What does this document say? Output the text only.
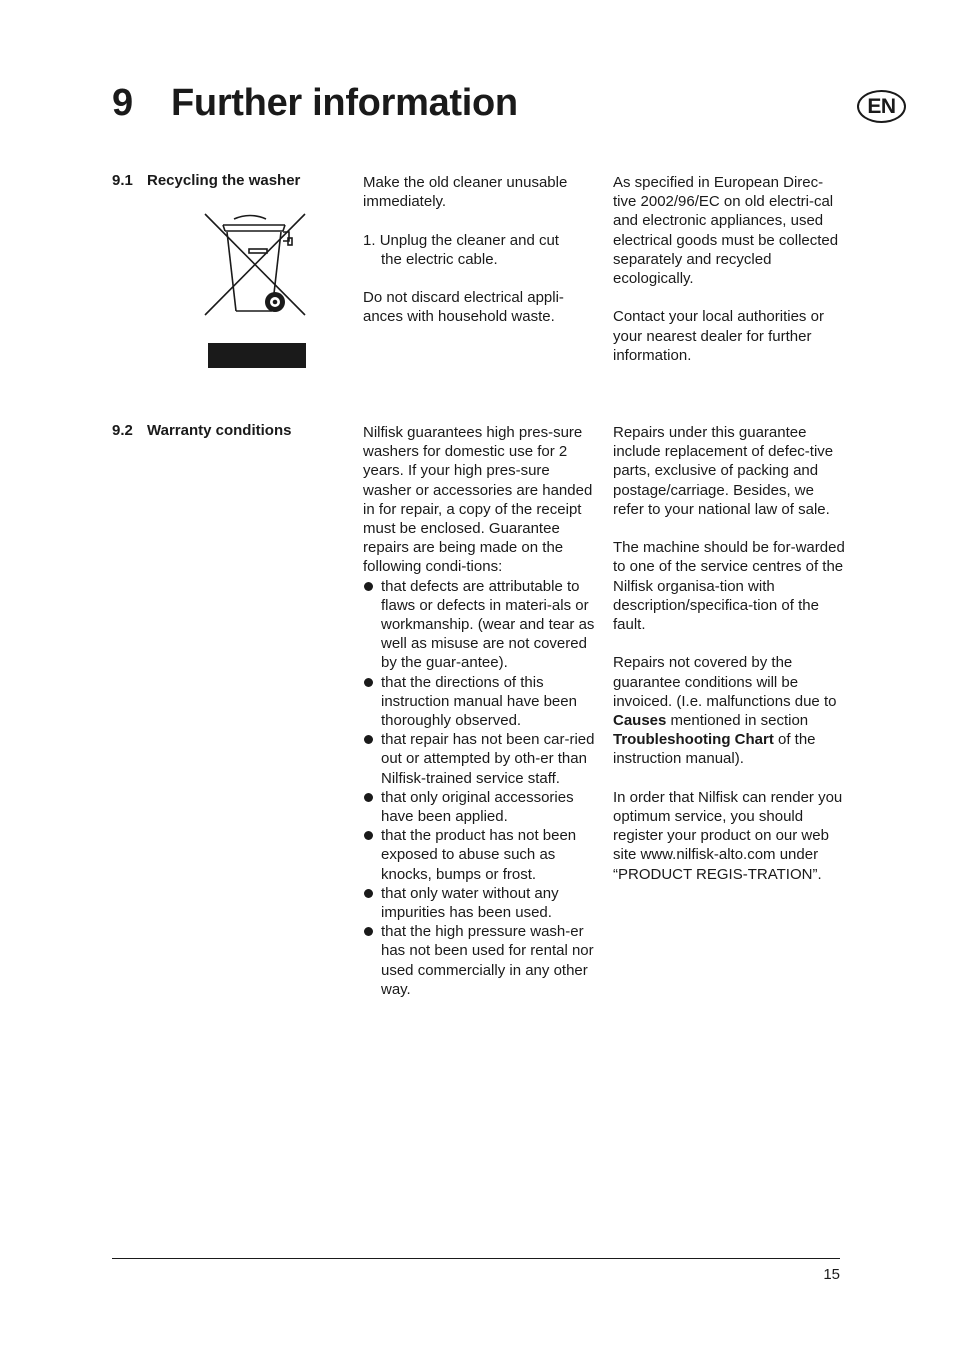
9 Further information	EN
9.1 Recycling the washer	Make the old cleaner unusable immediately.

1. Unplug the cleaner and cut
the electric cable.

Do not discard electrical appli-ances with household waste.

As specified in European Direc-tive 2002/96/EC on old electri-cal and electronic appliances, used electrical goods must be collected separately and recycled ecologically.

Contact your local authorities or your nearest dealer for further information.

9.2 Warranty conditions	Nilfisk guarantees high pres-sure washers for domestic use for 2 years. If your high pres-sure washer or accessories are handed in for repair, a copy of the receipt must be enclosed. Guarantee repairs are being made on the following condi-tions:
that defects are attributable to flaws or defects in materi-als or workmanship. (wear and tear as well as misuse are not covered by the guar-antee).
that the directions of this instruction manual have been thoroughly observed.
that repair has not been car-ried out or attempted by oth-er than Nilfisk-trained service staff.
that only original accessories have been applied.
that the product has not been exposed to abuse such as knocks, bumps or frost.
that only water without any impurities has been used.
that the high pressure wash-er has not been used for rental nor used commercially in any other way.

Repairs under this guarantee include replacement of defec-tive parts, exclusive of packing and postage/carriage. Besides, we refer to your national law of sale.

The machine should be for-warded to one of the service centres of the Nilfisk organisa-tion with description/specifica-tion of the fault.

Repairs not covered by the guarantee conditions will be invoiced. (I.e. malfunctions due to Causes mentioned in section Troubleshooting Chart of the instruction manual).

In order that Nilfisk can render you optimum service, you should register your product on our web site www.nilfisk-alto.com under “PRODUCT REGIS-TRATION”.

15
